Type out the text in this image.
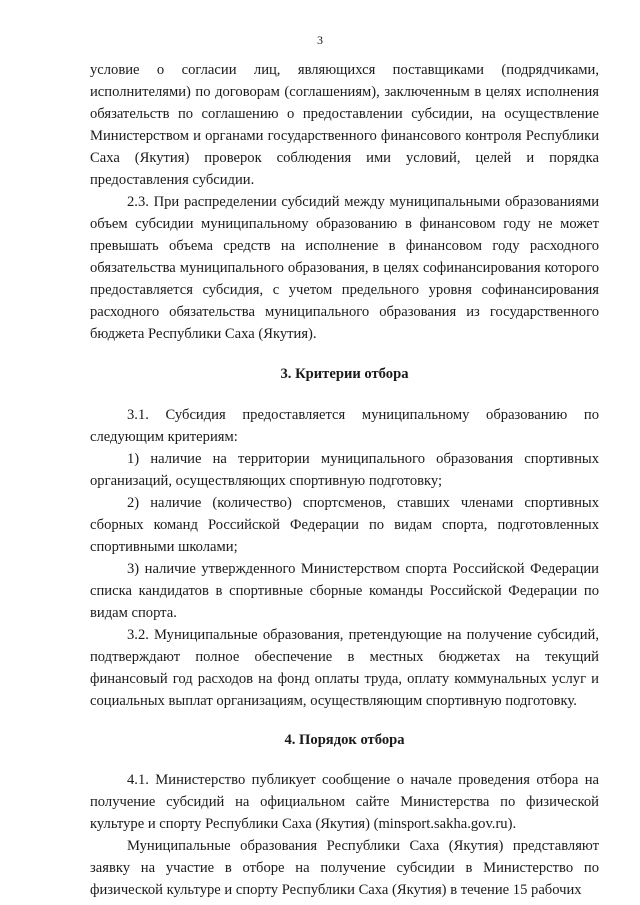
3

условие о согласии лиц, являющихся поставщиками (подрядчиками, исполнителями) по договорам (соглашениям), заключенным в целях исполнения обязательств по соглашению о предоставлении субсидии, на осуществление Министерством и органами государственного финансового контроля Республики Саха (Якутия) проверок соблюдения ими условий, целей и порядка предоставления субсидии.

2.3. При распределении субсидий между муниципальными образованиями объем субсидии муниципальному образованию в финансовом году не может превышать объема средств на исполнение в финансовом году расходного обязательства муниципального образования, в целях софинансирования которого предоставляется субсидия, с учетом предельного уровня софинансирования расходного обязательства муниципального образования из государственного бюджета Республики Саха (Якутия).

3. Критерии отбора

3.1. Субсидия предоставляется муниципальному образованию по следующим критериям:

1) наличие на территории муниципального образования спортивных организаций, осуществляющих спортивную подготовку;

2) наличие (количество) спортсменов, ставших членами спортивных сборных команд Российской Федерации по видам спорта, подготовленных спортивными школами;

3) наличие утвержденного Министерством спорта Российской Федерации списка кандидатов в спортивные сборные команды Российской Федерации по видам спорта.

3.2. Муниципальные образования, претендующие на получение субсидий, подтверждают полное обеспечение в местных бюджетах на текущий финансовый год расходов на фонд оплаты труда, оплату коммунальных услуг и социальных выплат организациям, осуществляющим спортивную подготовку.

4. Порядок отбора

4.1. Министерство публикует сообщение о начале проведения отбора на получение субсидий на официальном сайте Министерства по физической культуре и спорту Республики Саха (Якутия) (minsport.sakha.gov.ru).

Муниципальные образования Республики Саха (Якутия) представляют заявку на участие в отборе на получение субсидии в Министерство по физической культуре и спорту Республики Саха (Якутия) в течение 15 рабочих
